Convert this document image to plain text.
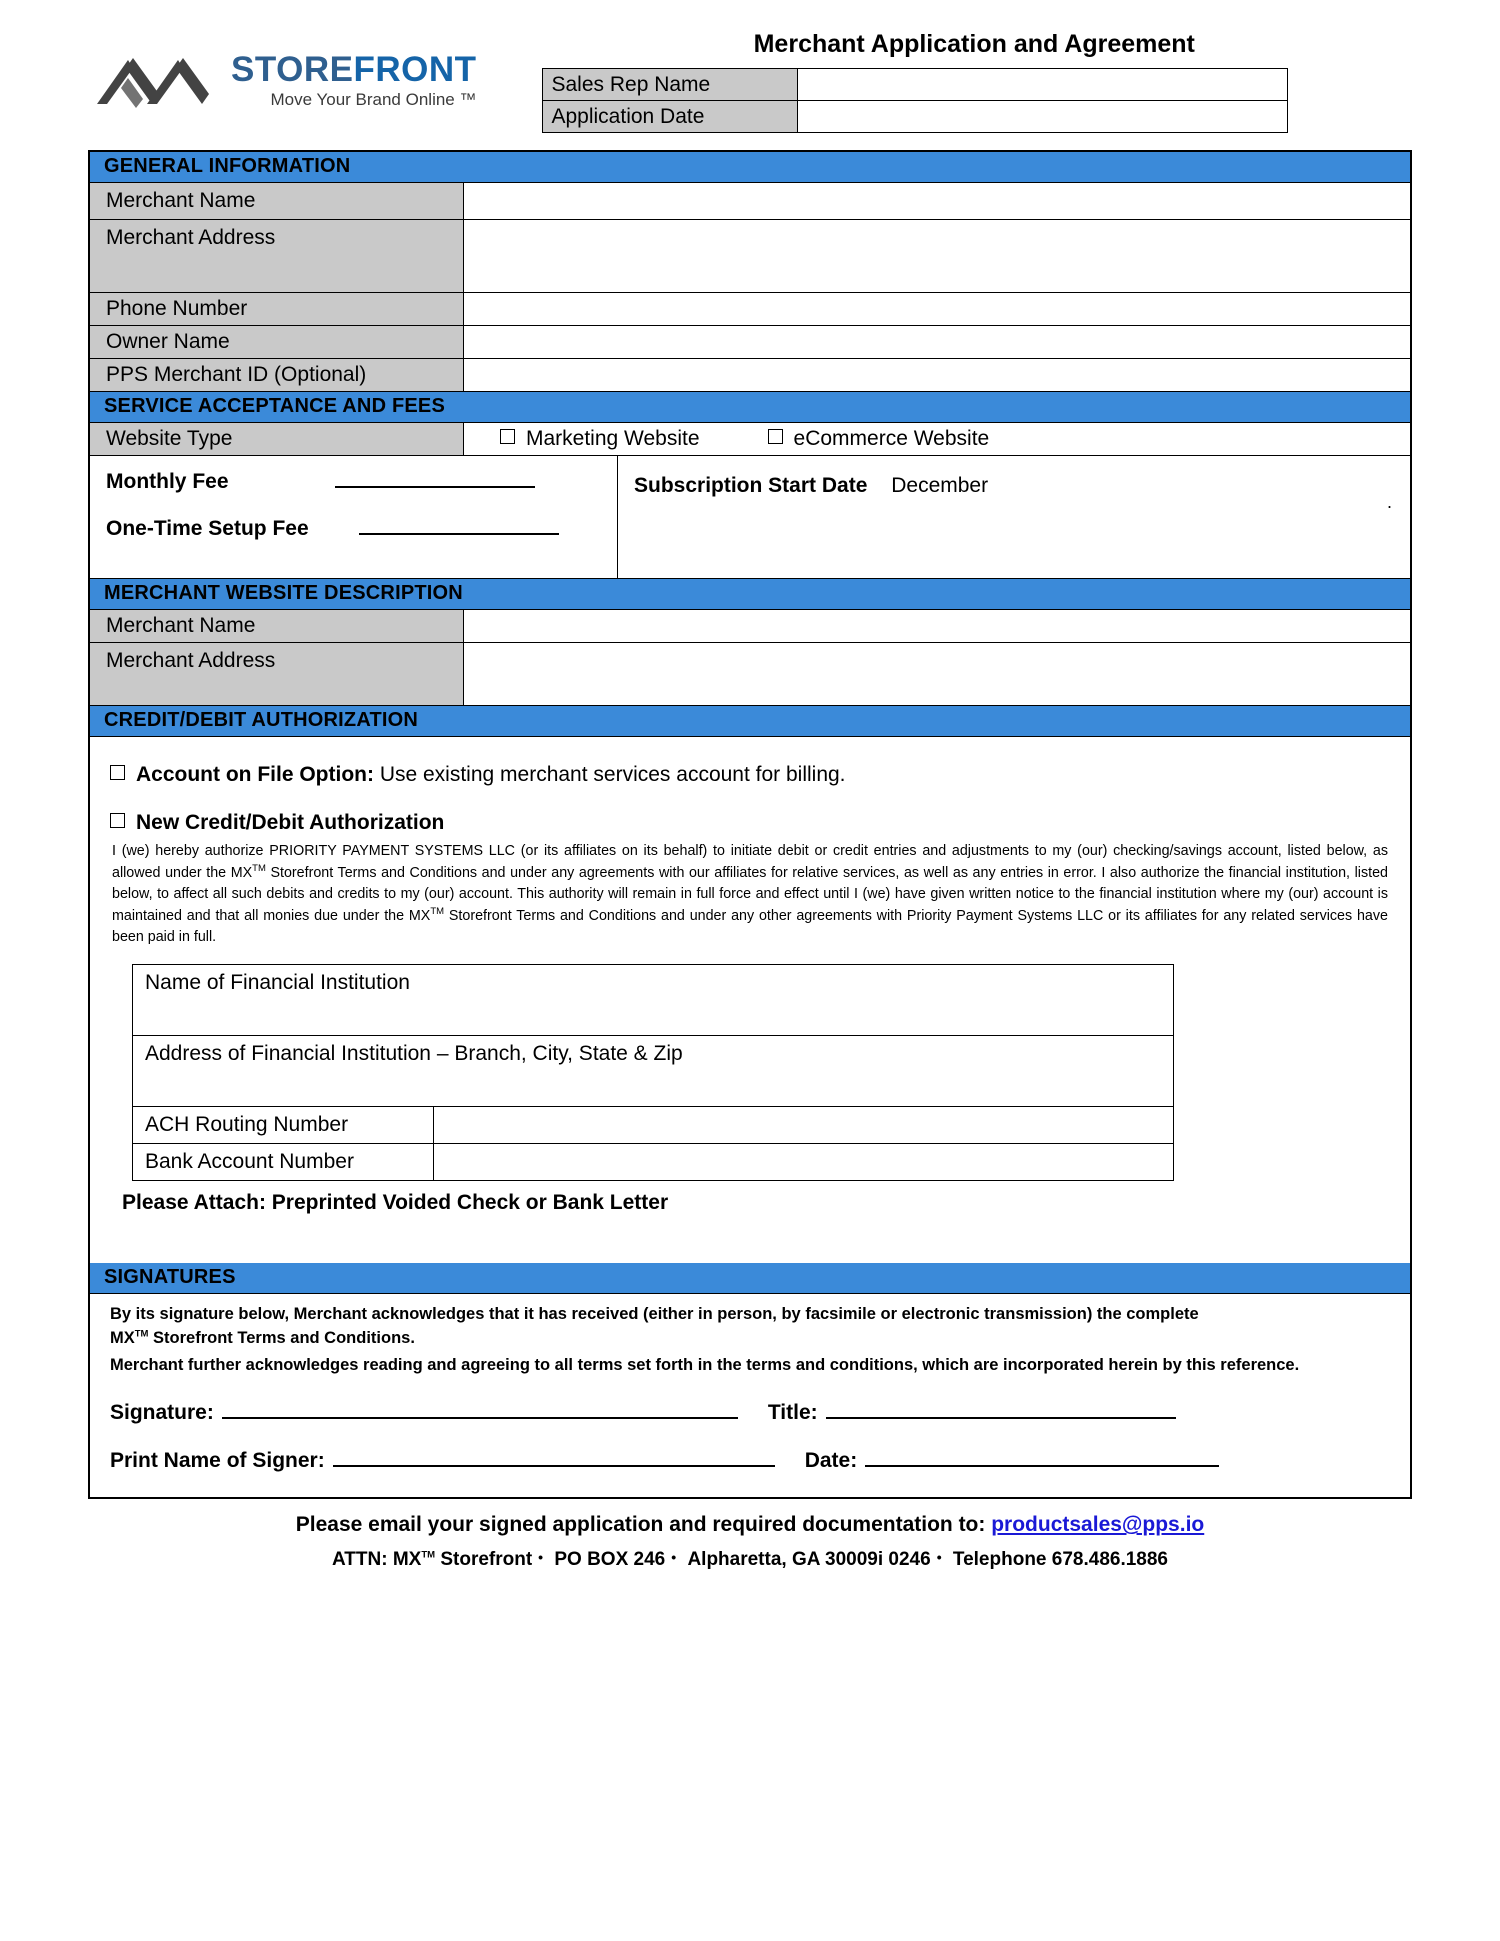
STOREFRONT
Move Your Brand Online ™
Merchant Application and Agreement
Sales Rep Name	
Application Date	
GENERAL INFORMATION
Merchant Name
Merchant Address
Phone Number
Owner Name
PPS Merchant ID (Optional)
SERVICE ACCEPTANCE AND FEES
Website Type	Marketing Website	eCommerce Website
Monthly Fee
One-Time Setup Fee
Subscription Start Date December
.
MERCHANT WEBSITE DESCRIPTION
Merchant Name
Merchant Address
CREDIT/DEBIT AUTHORIZATION
Account on File Option: Use existing merchant services account for billing.
New Credit/Debit Authorization

I (we) hereby authorize PRIORITY PAYMENT SYSTEMS LLC (or its affiliates on its behalf) to initiate debit or credit entries and adjustments to my (our) checking/savings account, listed below, as allowed under the MX™ Storefront Terms and Conditions and under any agreements with our affiliates for relative services, as well as any entries in error. I also authorize the financial institution, listed below, to affect all such debits and credits to my (our) account. This authority will remain in full force and effect until I (we) have given written notice to the financial institution where my (our) account is maintained and that all monies due under the MX™ Storefront Terms and Conditions and under any other agreements with Priority Payment Systems LLC or its affiliates for any related services have been paid in full.

Name of Financial Institution	
Address of Financial Institution – Branch, City, State & Zip	
ACH Routing Number	
Bank Account Number	
Please Attach: Preprinted Voided Check or Bank Letter
SIGNATURES

By its signature below, Merchant acknowledges that it has received (either in person, by facsimile or electronic transmission) the complete

MX™ Storefront Terms and Conditions.

Merchant further acknowledges reading and agreeing to all terms set forth in the terms and conditions, which are incorporated herein by this reference.

Signature:	Title:
Print Name of Signer:	Date:
Please email your signed application and required documentation to: productsales@pps.io
ATTN: MX™ Storefront • PO BOX 246 • Alpharetta, GA 30009i 0246 • Telephone 678.486.1886
